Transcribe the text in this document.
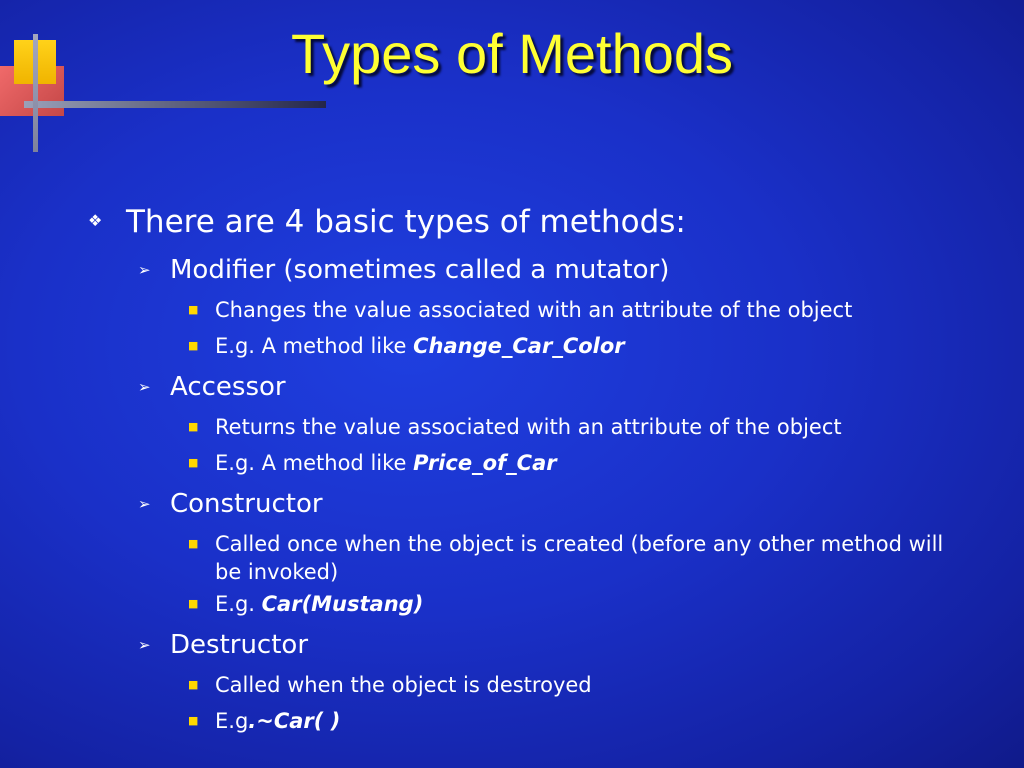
Types of Methods
❖ There are 4 basic types of methods:
➢ Modifier (sometimes called a mutator)
■ Changes the value associated with an attribute of the object
■ E.g. A method like Change_Car_Color
➢ Accessor
■ Returns the value associated with an attribute of the object
■ E.g. A method like Price_of_Car
➢ Constructor
■ Called once when the object is created (before any other method will be invoked)
■ E.g. Car(Mustang)
➢ Destructor
■ Called when the object is destroyed
■ E.g.~Car( )
